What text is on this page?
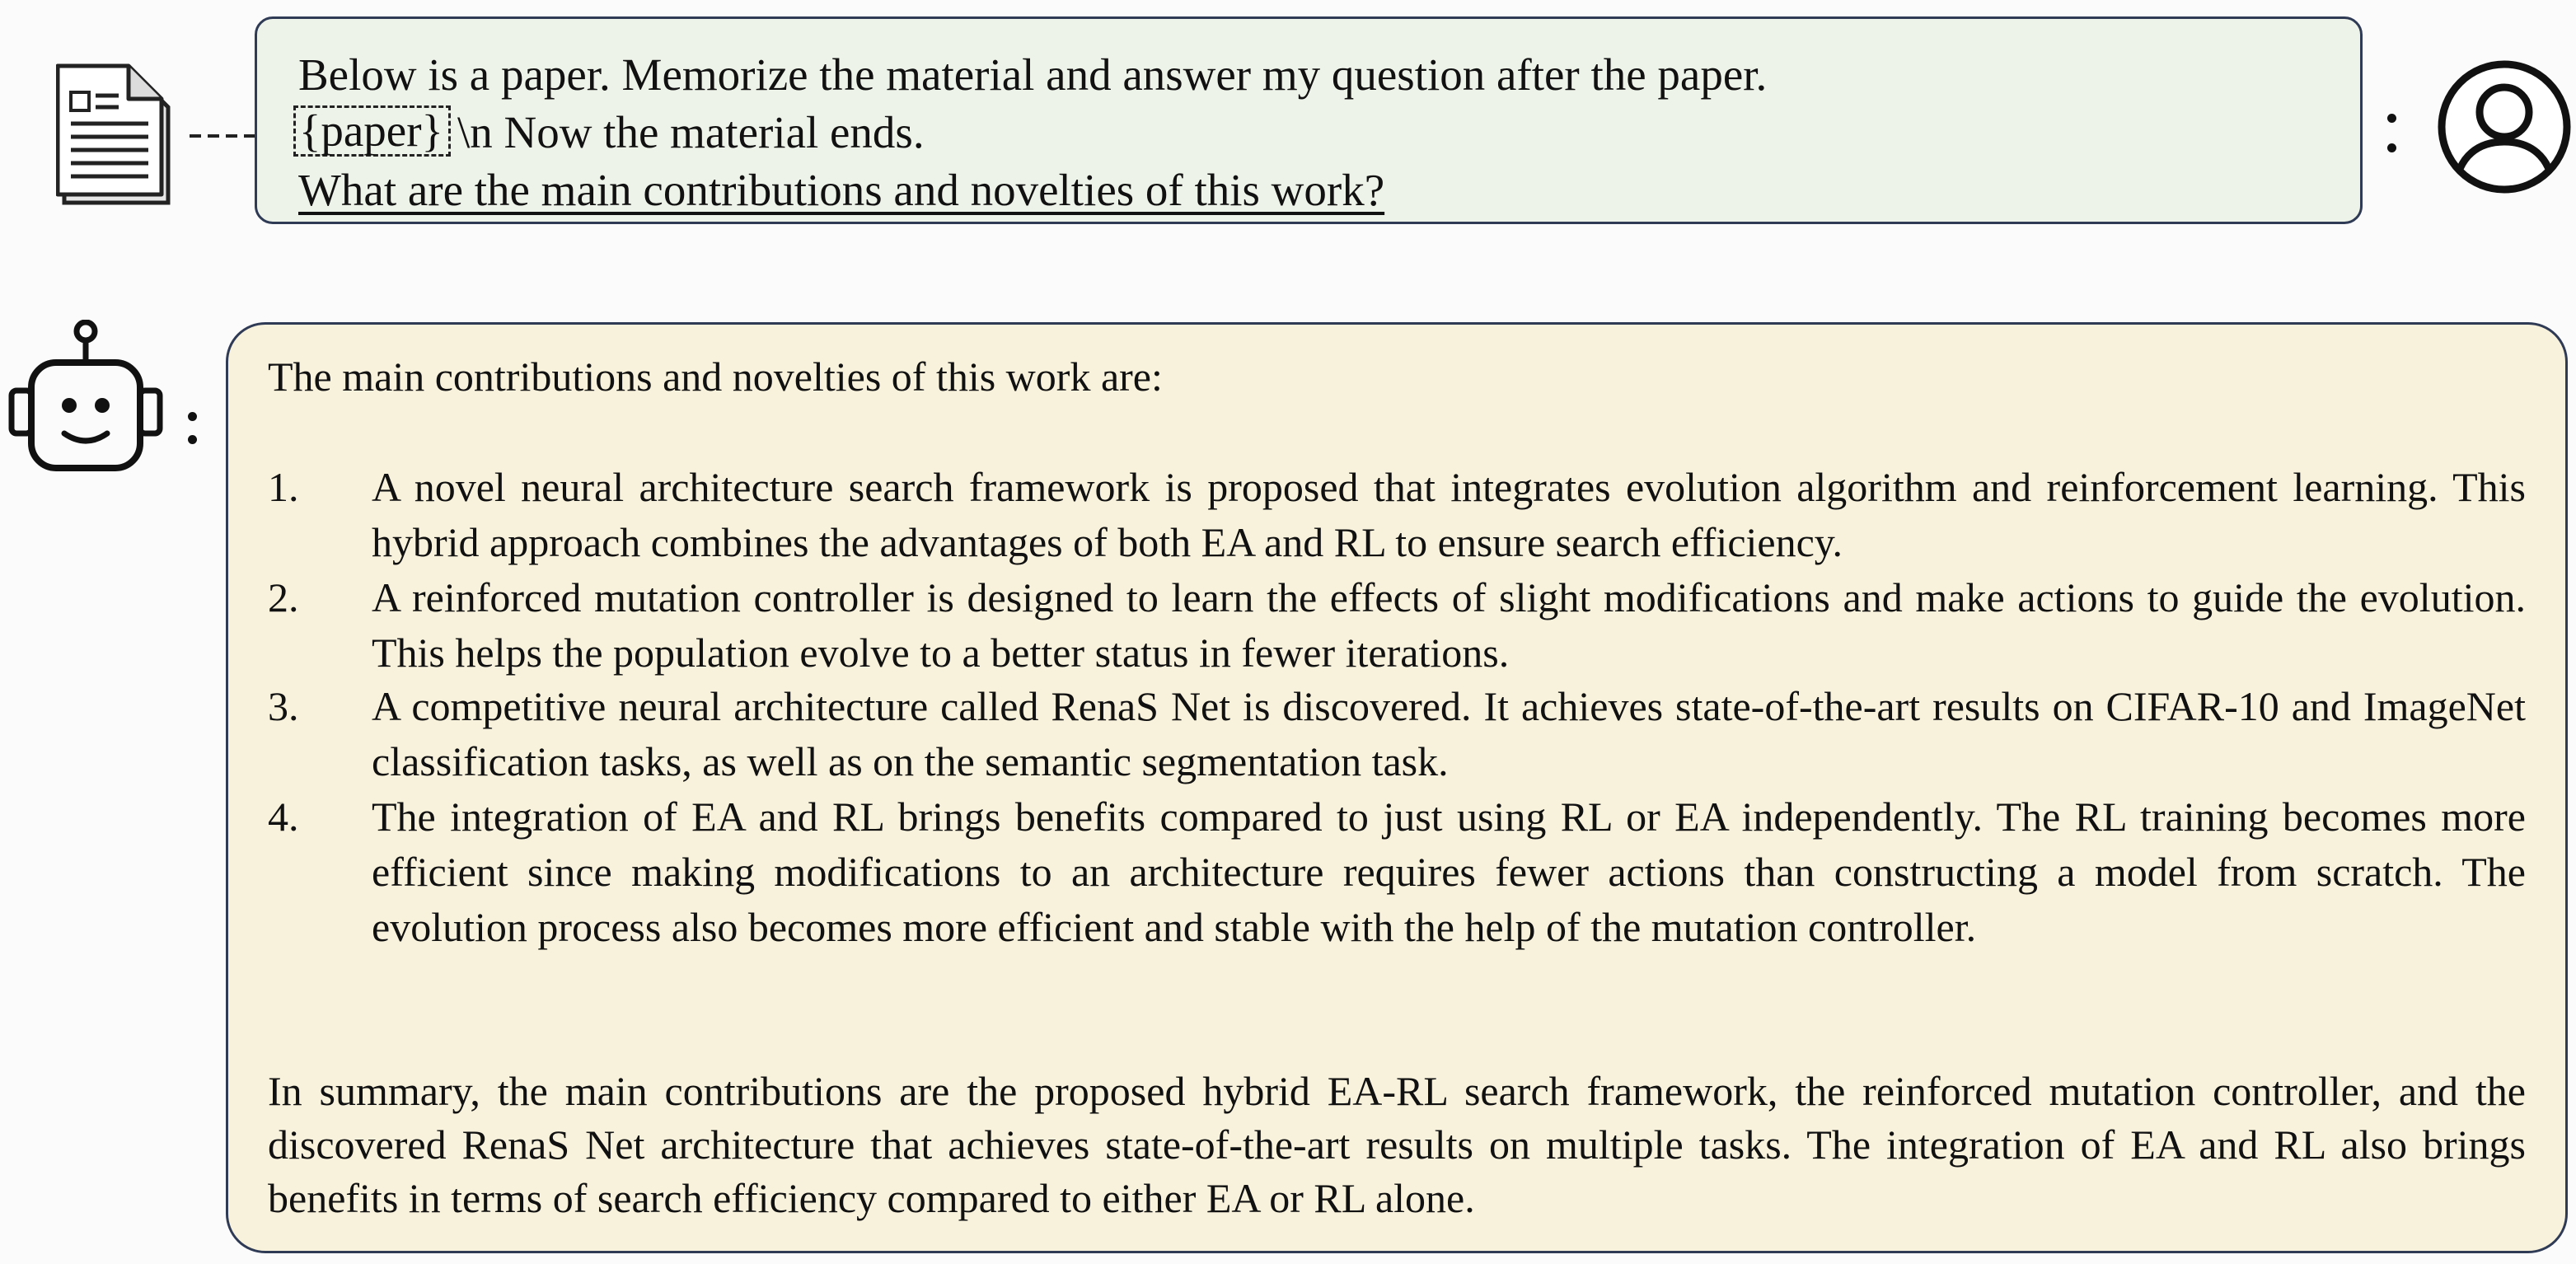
Below is a paper. Memorize the material and answer my question after the paper.
{paper} \n Now the material ends.
What are the main contributions and novelties of this work?
The main contributions and novelties of this work are:
1. A novel neural architecture search framework is proposed that integrates evolution algorithm and reinforcement learning. This hybrid approach combines the advantages of both EA and RL to ensure search efficiency.
2. A reinforced mutation controller is designed to learn the effects of slight modifications and make actions to guide the evolution. This helps the population evolve to a better status in fewer iterations.
3. A competitive neural architecture called RenaS Net is discovered. It achieves state-of-the-art results on CIFAR-10 and ImageNet classification tasks, as well as on the semantic segmentation task.
4. The integration of EA and RL brings benefits compared to just using RL or EA independently. The RL training becomes more efficient since making modifications to an architecture requires fewer actions than constructing a model from scratch. The evolution process also becomes more efficient and stable with the help of the mutation controller.
In summary, the main contributions are the proposed hybrid EA-RL search framework, the reinforced mutation controller, and the discovered RenaS Net architecture that achieves state-of-the-art results on multiple tasks. The integration of EA and RL also brings benefits in terms of search efficiency compared to either EA or RL alone.
